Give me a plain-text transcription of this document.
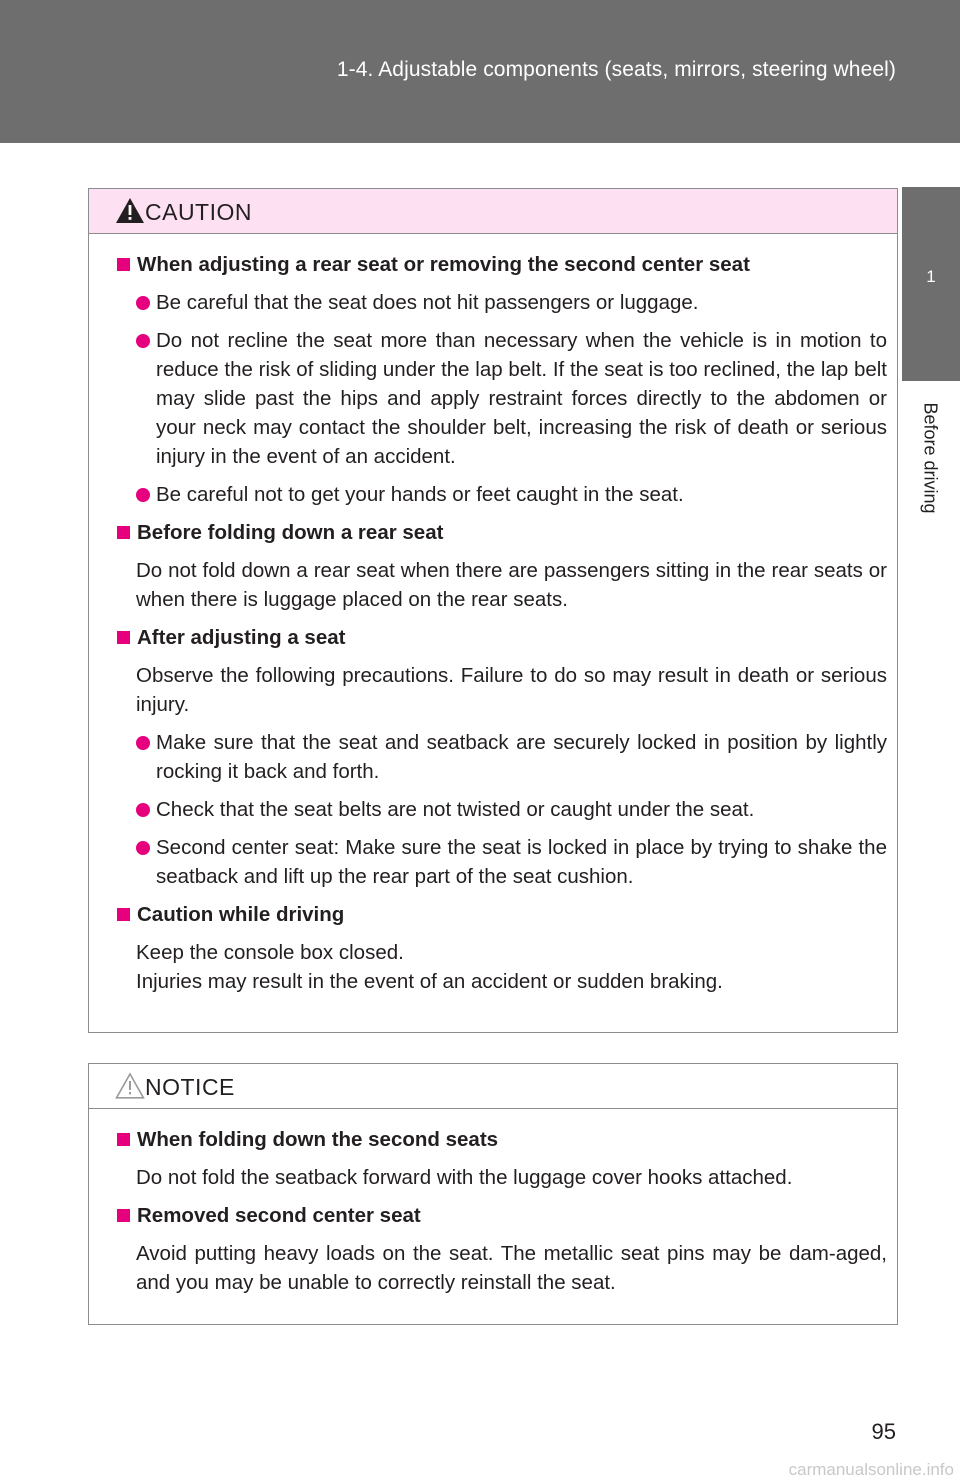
1-4. Adjustable components (seats, mirrors, steering wheel)
1
Before driving
CAUTION
When adjusting a rear seat or removing the second center seat
Be careful that the seat does not hit passengers or luggage.
Do not recline the seat more than necessary when the vehicle is in motion to reduce the risk of sliding under the lap belt. If the seat is too reclined, the lap belt may slide past the hips and apply restraint forces directly to the abdomen or your neck may contact the shoulder belt, increasing the risk of death or serious injury in the event of an accident.
Be careful not to get your hands or feet caught in the seat.
Before folding down a rear seat
Do not fold down a rear seat when there are passengers sitting in the rear seats or when there is luggage placed on the rear seats.
After adjusting a seat
Observe the following precautions. Failure to do so may result in death or serious injury.
Make sure that the seat and seatback are securely locked in position by lightly rocking it back and forth.
Check that the seat belts are not twisted or caught under the seat.
Second center seat: Make sure the seat is locked in place by trying to shake the seatback and lift up the rear part of the seat cushion.
Caution while driving
Keep the console box closed.
Injuries may result in the event of an accident or sudden braking.
NOTICE
When folding down the second seats
Do not fold the seatback forward with the luggage cover hooks attached.
Removed second center seat
Avoid putting heavy loads on the seat. The metallic seat pins may be dam-aged, and you may be unable to correctly reinstall the seat.
95
carmanualsonline.info
